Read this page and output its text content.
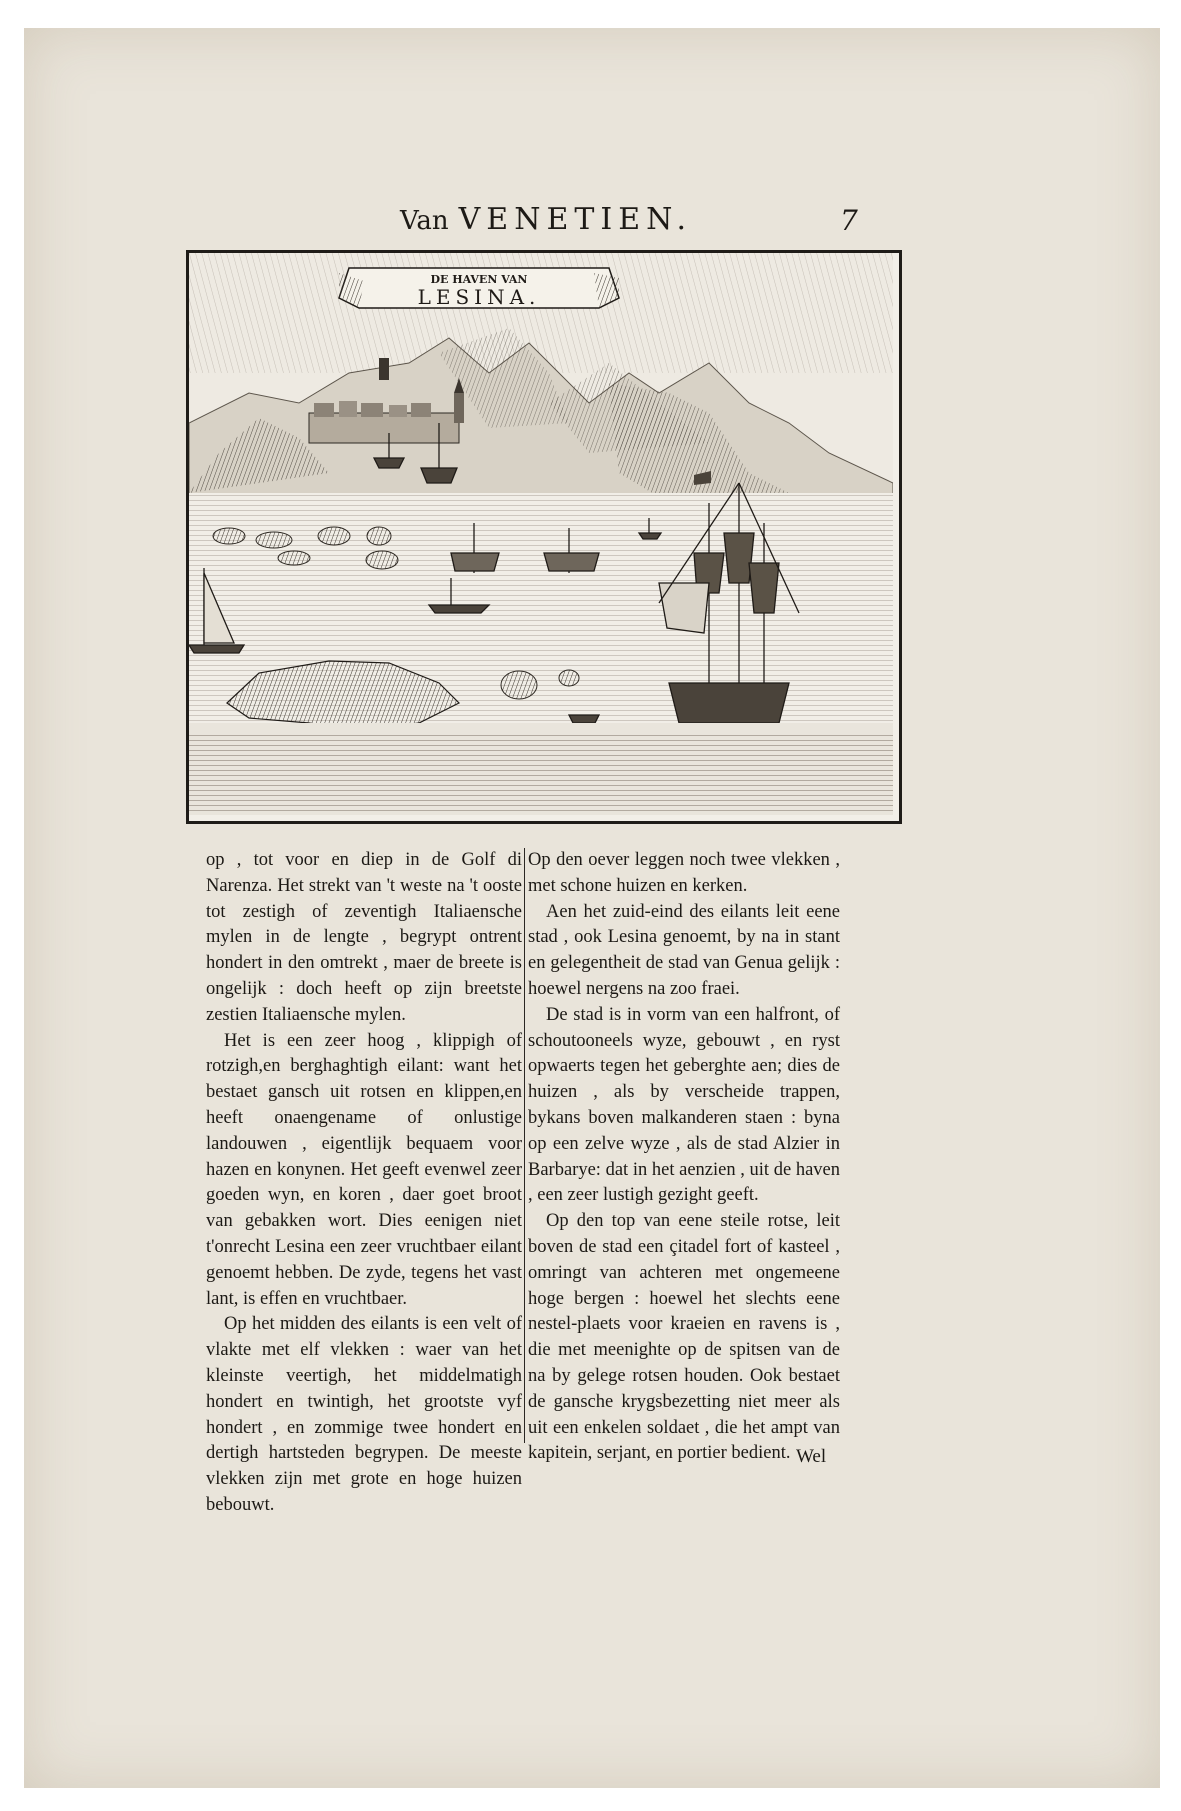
Van VENETIEN.	7
DE HAVEN VAN
LESINA.

op , tot voor en diep in de Golf di Narenza. Het strekt van 't weste na 't ooste tot zestigh of zeventigh Italiaensche mylen in de lengte , begrypt ontrent hondert in den omtrekt , maer de breete is ongelijk : doch heeft op zijn breetste zestien Italiaensche mylen.

Het is een zeer hoog , klippigh of rotzigh,en berghaghtigh eilant: want het bestaet gansch uit rotsen en klippen,en heeft onaengename of onlustige landouwen , eigentlijk bequaem voor hazen en konynen. Het geeft evenwel zeer goeden wyn, en koren , daer goet broot van gebakken wort. Dies eenigen niet t'onrecht Lesina een zeer vruchtbaer eilant genoemt hebben. De zyde, tegens het vast lant, is effen en vruchtbaer.

Op het midden des eilants is een velt of vlakte met elf vlekken : waer van het kleinste veertigh, het middelmatigh hondert en twintigh, het grootste vyf hondert , en zommige twee hondert en dertigh hartsteden begrypen. De meeste vlekken zijn met grote en hoge huizen bebouwt.

Op den oever leggen noch twee vlekken , met schone huizen en kerken.

Aen het zuid-eind des eilants leit eene stad , ook Lesina genoemt, by na in stant en gelegentheit de stad van Genua gelijk : hoewel nergens na zoo fraei.

De stad is in vorm van een halfront, of schoutooneels wyze, gebouwt , en ryst opwaerts tegen het geberghte aen; dies de huizen , als by verscheide trappen, bykans boven malkanderen staen : byna op een zelve wyze , als de stad Alzier in Barbarye: dat in het aenzien , uit de haven , een zeer lustigh gezight geeft.

Op den top van eene steile rotse, leit boven de stad een çitadel fort of kasteel , omringt van achteren met ongemeene hoge bergen : hoewel het slechts eene nestel-plaets voor kraeien en ravens is , die met meenighte op de spitsen van de na by gelege rotsen houden. Ook bestaet de gansche krygsbezetting niet meer als uit een enkelen soldaet , die het ampt van kapitein, serjant, en portier bedient. Wel
